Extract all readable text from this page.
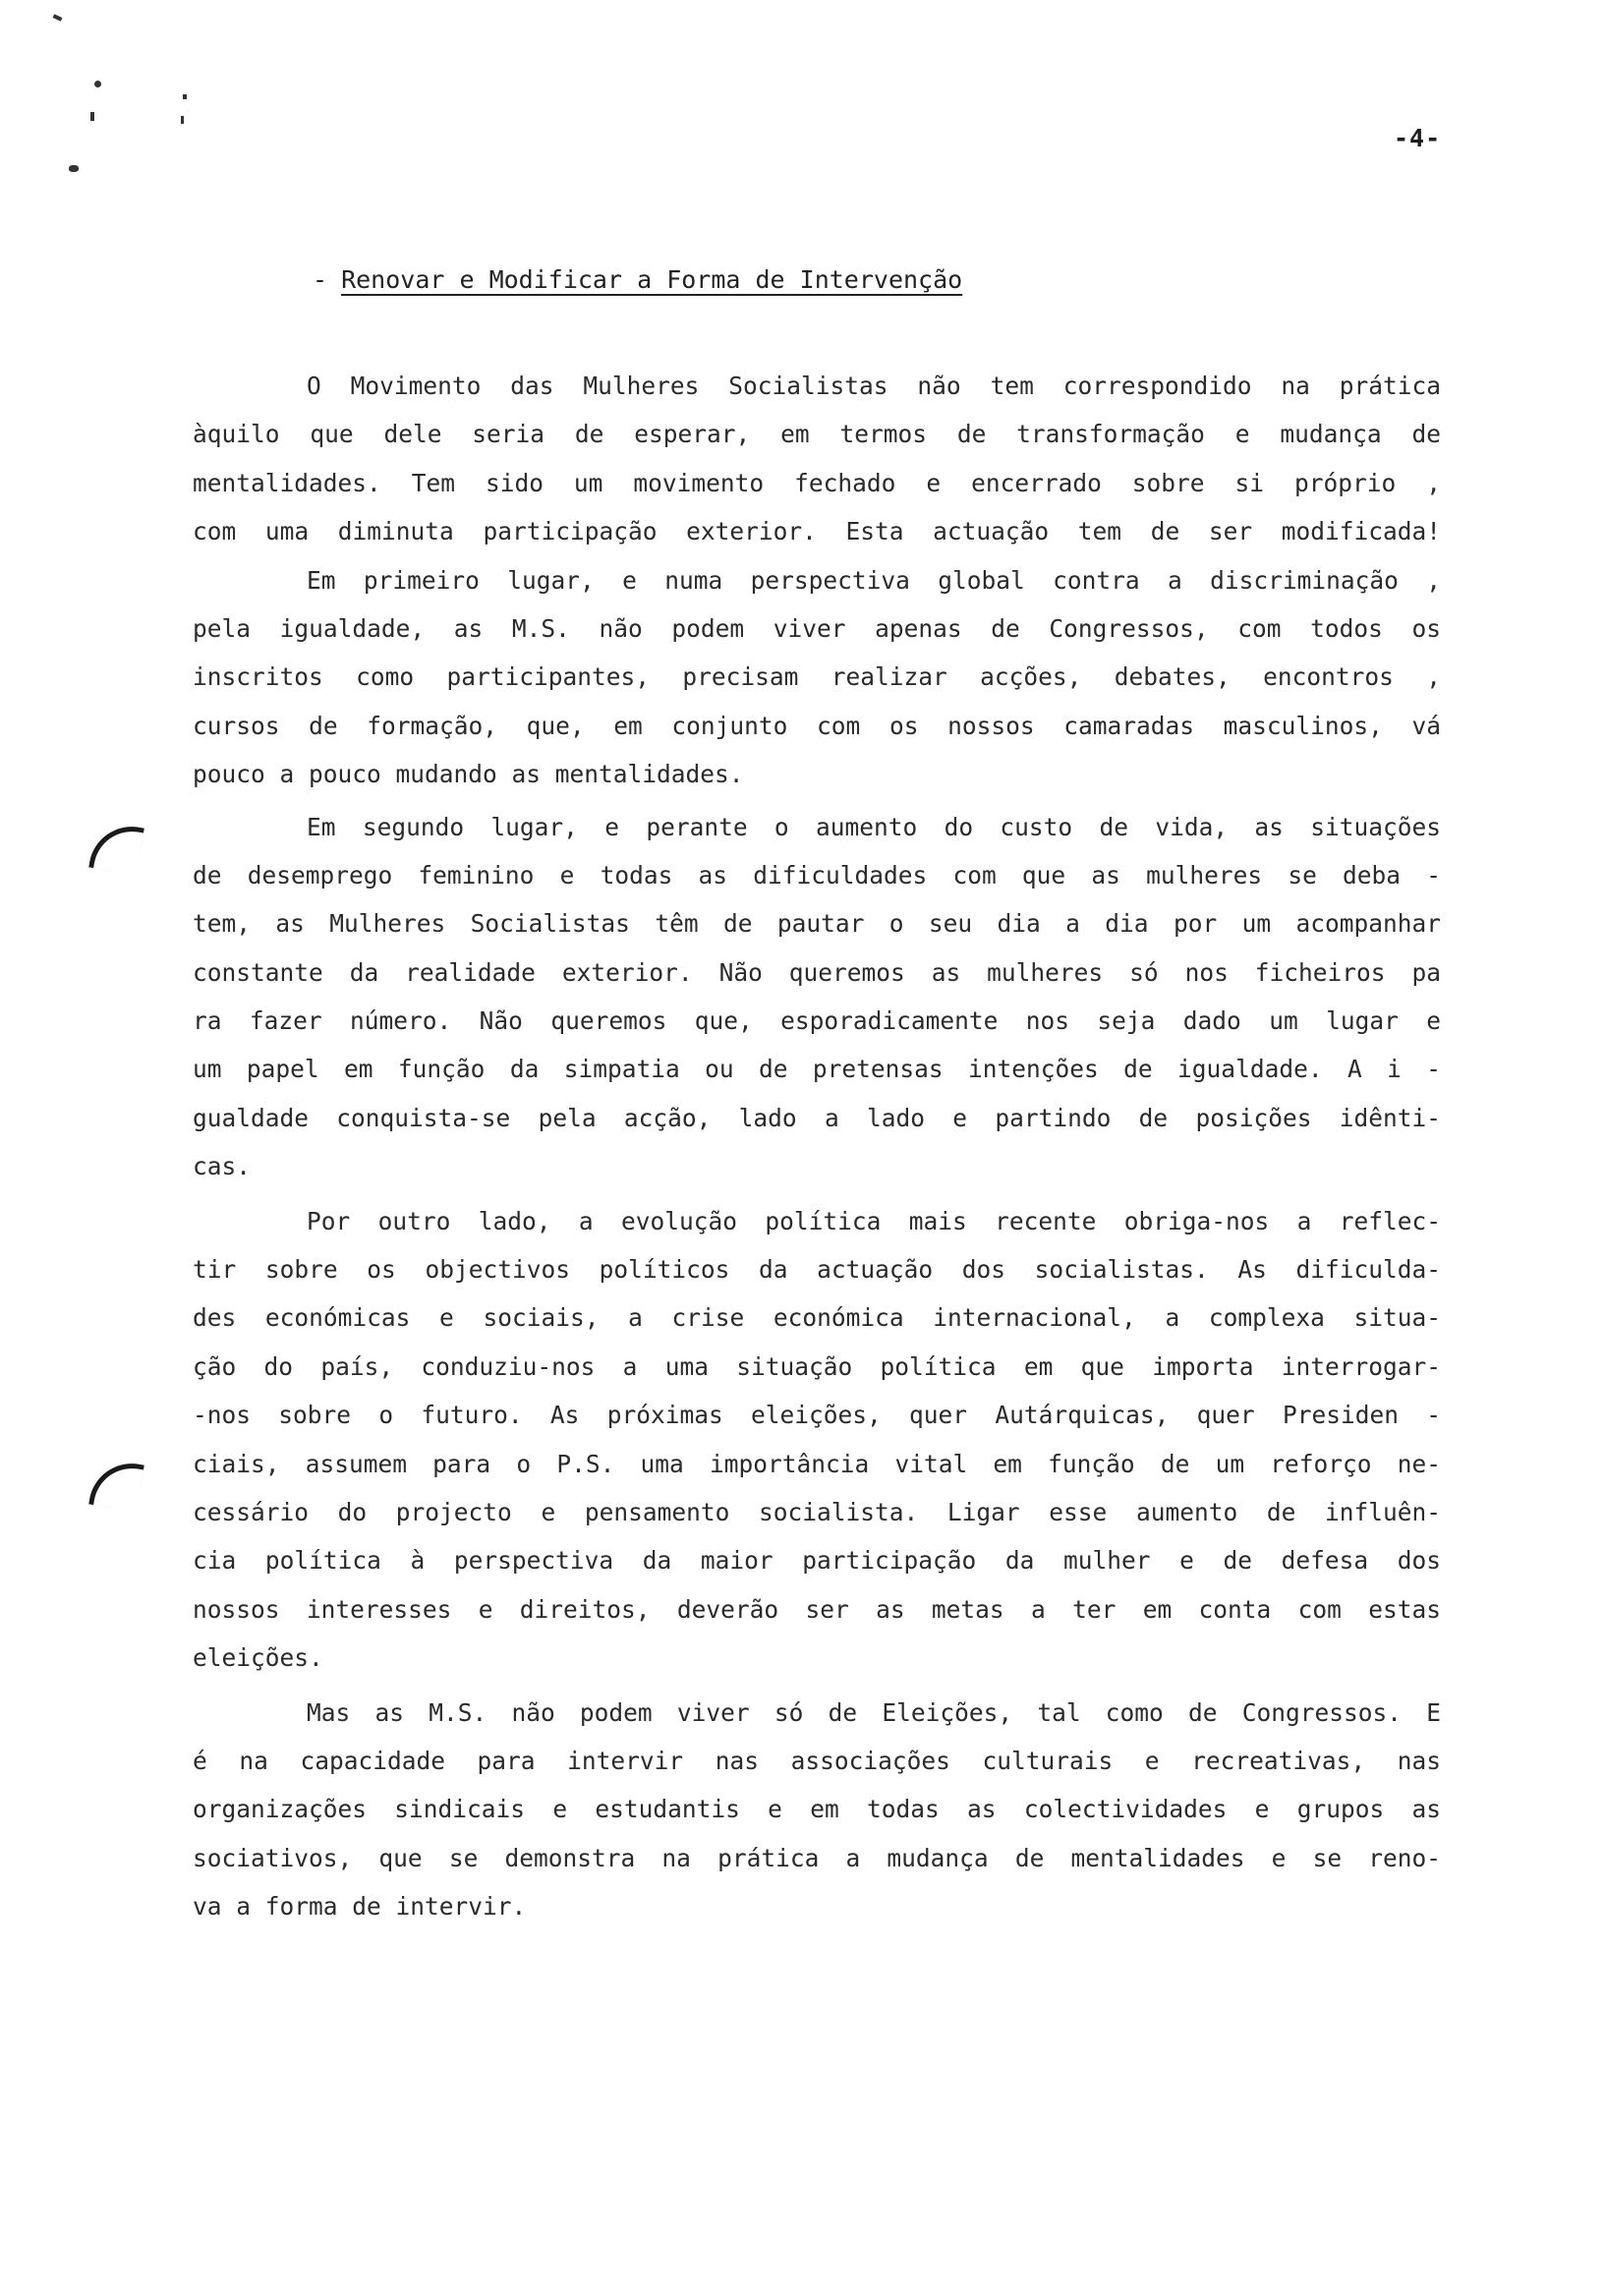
-4-
- Renovar e Modificar a Forma de Intervenção
O Movimento das Mulheres Socialistas não tem correspondido na prática
àquilo que dele seria de esperar, em termos de transformação e mudança de
mentalidades. Tem sido um movimento fechado e encerrado sobre si próprio ,
com uma diminuta participação exterior. Esta actuação tem de ser modificada!
Em primeiro lugar, e numa perspectiva global contra a discriminação ,
pela igualdade, as M.S. não podem viver apenas de Congressos, com todos os
inscritos como participantes, precisam realizar acções, debates, encontros ,
cursos de formação, que, em conjunto com os nossos camaradas masculinos, vá
pouco a pouco mudando as mentalidades.
Em segundo lugar, e perante o aumento do custo de vida, as situações
de desemprego feminino e todas as dificuldades com que as mulheres se deba -
tem, as Mulheres Socialistas têm de pautar o seu dia a dia por um acompanhar
constante da realidade exterior. Não queremos as mulheres só nos ficheiros pa
ra fazer número. Não queremos que, esporadicamente nos seja dado um lugar e
um papel em função da simpatia ou de pretensas intenções de igualdade. A i -
gualdade conquista-se pela acção, lado a lado e partindo de posições idênti-
cas.
Por outro lado, a evolução política mais recente obriga-nos a reflec-
tir sobre os objectivos políticos da actuação dos socialistas. As dificulda-
des económicas e sociais, a crise económica internacional, a complexa situa-
ção do país, conduziu-nos a uma situação política em que importa interrogar-
-nos sobre o futuro. As próximas eleições, quer Autárquicas, quer Presiden -
ciais, assumem para o P.S. uma importância vital em função de um reforço ne-
cessário do projecto e pensamento socialista. Ligar esse aumento de influên-
cia política à perspectiva da maior participação da mulher e de defesa dos
nossos interesses e direitos, deverão ser as metas a ter em conta com estas
eleições.
Mas as M.S. não podem viver só de Eleições, tal como de Congressos. E
é na capacidade para intervir nas associações culturais e recreativas, nas
organizações sindicais e estudantis e em todas as colectividades e grupos as
sociativos, que se demonstra na prática a mudança de mentalidades e se reno-
va a forma de intervir.
